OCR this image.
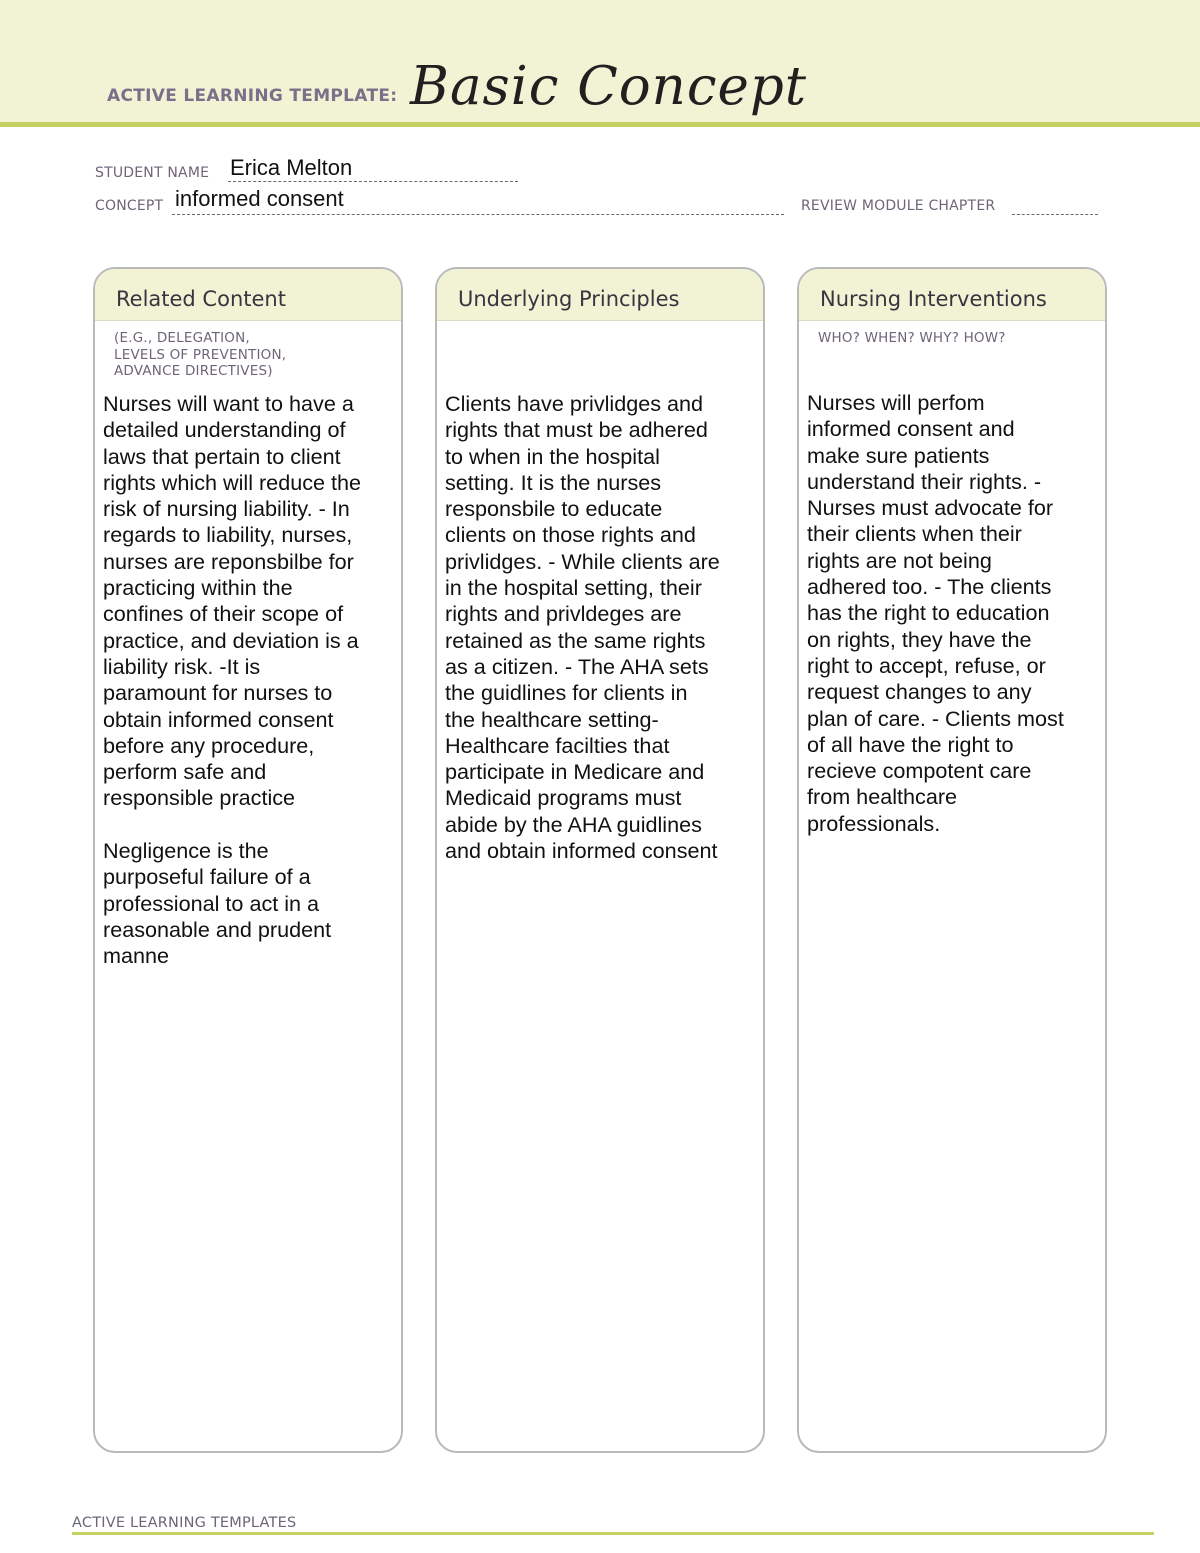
ACTIVE LEARNING TEMPLATE: Basic Concept
STUDENT NAME Erica Melton
CONCEPT informed consent	REVIEW MODULE CHAPTER
Related Content
(E.G., DELEGATION,
LEVELS OF PREVENTION,
ADVANCE DIRECTIVES)
Nurses will want to have a
detailed understanding of
laws that pertain to client
rights which will reduce the
risk of nursing liability. - In
regards to liability, nurses,
nurses are reponsbilbe for
practicing within the
confines of their scope of
practice, and deviation is a
liability risk. -It is
paramount for nurses to
obtain informed consent
before any procedure,
perform safe and
responsible practice

Negligence is the
purposeful failure of a
professional to act in a
reasonable and prudent
manne
Underlying Principles
Clients have privlidges and
rights that must be adhered
to when in the hospital
setting. It is the nurses
responsbile to educate
clients on those rights and
privlidges. - While clients are
in the hospital setting, their
rights and privldeges are
retained as the same rights
as a citizen. - The AHA sets
the guidlines for clients in
the healthcare setting-
Healthcare facilties that
participate in Medicare and
Medicaid programs must
abide by the AHA guidlines
and obtain informed consent
Nursing Interventions
WHO? WHEN? WHY? HOW?
Nurses will perfom
informed consent and
make sure patients
understand their rights. -
Nurses must advocate for
their clients when their
rights are not being
adhered too. - The clients
has the right to education
on rights, they have the
right to accept, refuse, or
request changes to any
plan of care. - Clients most
of all have the right to
recieve compotent care
from healthcare
professionals.
ACTIVE LEARNING TEMPLATES
